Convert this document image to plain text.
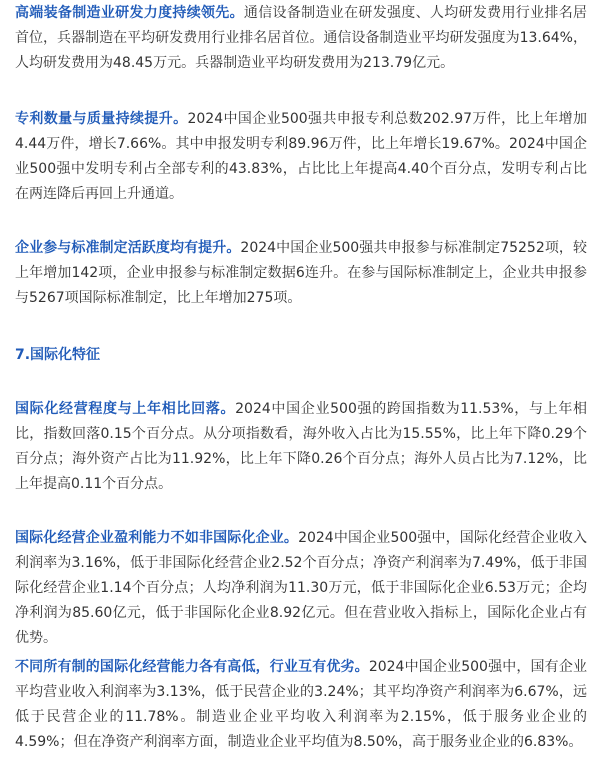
高端装备制造业研发力度持续领先。通信设备制造业在研发强度、人均研发费用行业排名居首位，兵器制造在平均研发费用行业排名居首位。通信设备制造业平均研发强度为13.64%，人均研发费用为48.45万元。兵器制造业平均研发费用为213.79亿元。

专利数量与质量持续提升。2024中国企业500强共申报专利总数202.97万件，比上年增加4.44万件，增长7.66%。其中申报发明专利89.96万件，比上年增长19.67%。2024中国企业500强中发明专利占全部专利的43.83%，占比比上年提高4.40个百分点，发明专利占比在两连降后再回上升通道。

企业参与标准制定活跃度均有提升。2024中国企业500强共申报参与标准制定75252项，较上年增加142项，企业申报参与标准制定数据6连升。在参与国际标准制定上，企业共申报参与5267项国际标准制定，比上年增加275项。

7.国际化特征

国际化经营程度与上年相比回落。2024中国企业500强的跨国指数为11.53%，与上年相比，指数回落0.15个百分点。从分项指数看，海外收入占比为15.55%，比上年下降0.29个百分点；海外资产占比为11.92%，比上年下降0.26个百分点；海外人员占比为7.12%，比上年提高0.11个百分点。

国际化经营企业盈利能力不如非国际化企业。2024中国企业500强中，国际化经营企业收入利润率为3.16%，低于非国际化经营企业2.52个百分点；净资产利润率为7.49%，低于非国际化经营企业1.14个百分点；人均净利润为11.30万元，低于非国际化企业6.53万元；企均净利润为85.60亿元，低于非国际化企业8.92亿元。但在营业收入指标上，国际化企业占有优势。

不同所有制的国际化经营能力各有高低，行业互有优劣。2024中国企业500强中，国有企业平均营业收入利润率为3.13%，低于民营企业的3.24%；其平均净资产利润率为6.67%，远低于民营企业的11.78%。制造业企业平均收入利润率为2.15%，低于服务业企业的4.59%；但在净资产利润率方面，制造业企业平均值为8.50%，高于服务业企业的6.83%。
